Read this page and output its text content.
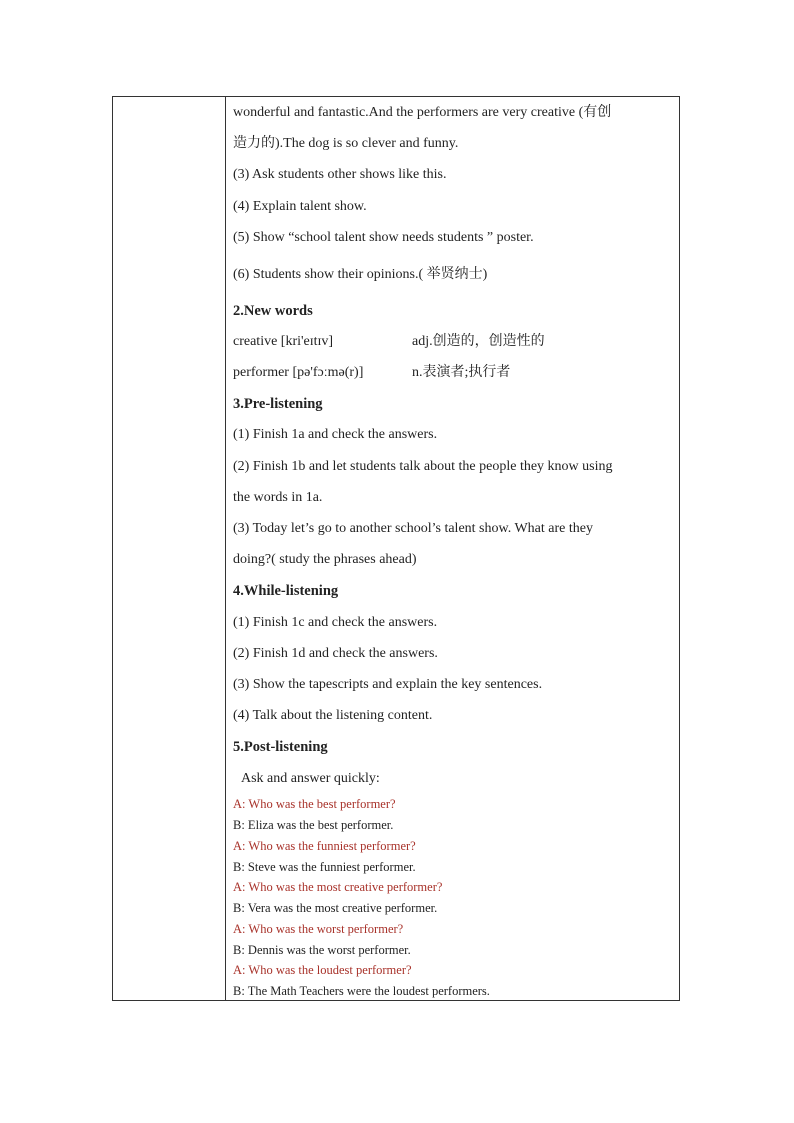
wonderful and fantastic.And the performers are very creative (有创
造力的).The dog is so clever and funny.
(3) Ask students other shows like this.
(4) Explain talent show.
(5) Show “school talent show needs students ” poster.
(6) Students show their opinions.( 举贤纳士)
2.New words
creative [kri'eɪtɪv]	adj.创造的，创造性的
performer [pə'fɔːmə(r)]	n.表演者;执行者
3.Pre-listening
(1) Finish 1a and check the answers.
(2) Finish 1b and let students talk about the people they know using
the words in 1a.
(3) Today let’s go to another school’s talent show. What are they
doing?( study the phrases ahead)
4.While-listening
(1) Finish 1c and check the answers.
(2) Finish 1d and check the answers.
(3) Show the tapescripts and explain the key sentences.
(4) Talk about the listening content.
5.Post-listening
Ask and answer quickly:
A: Who was the best performer?
B: Eliza was the best performer.
A: Who was the funniest performer?
B: Steve was the funniest performer.
A: Who was the most creative performer?
B: Vera was the most creative performer.
A: Who was the worst performer?
B: Dennis was the worst performer.
A: Who was the loudest performer?
B: The Math Teachers were the loudest performers.
